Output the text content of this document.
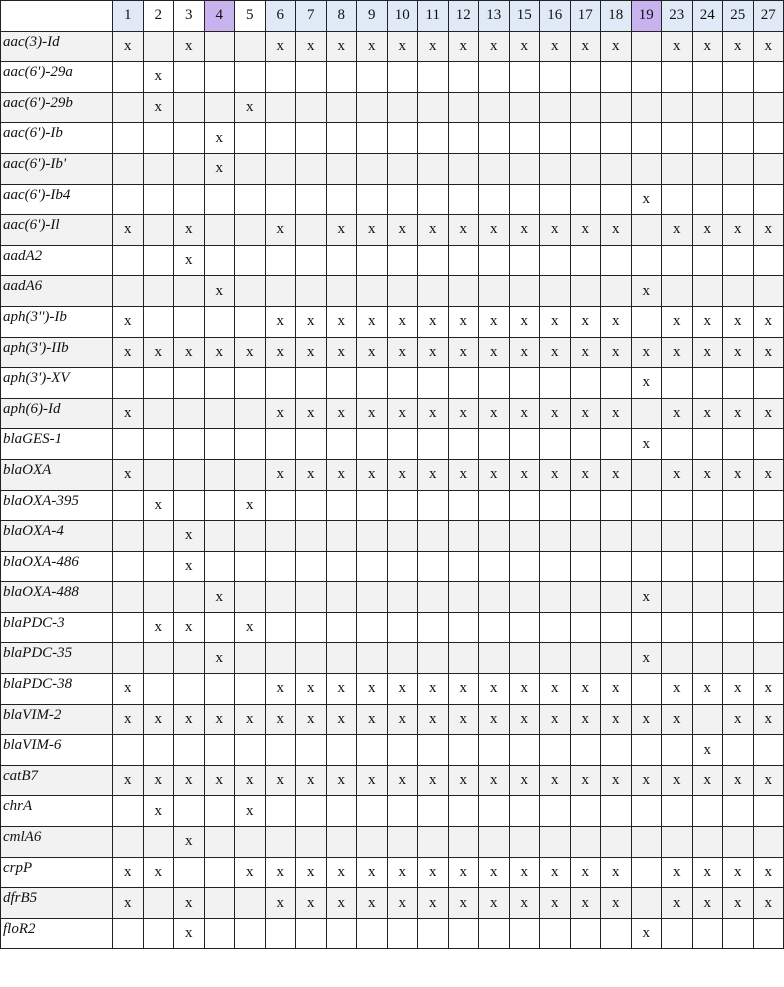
	1	2	3	4	5	6	7	8	9	10	11	12	13	15	16	17	18	19	23	24	25	27
aac(3)-Id	x		x			x	x	x	x	x	x	x	x	x	x	x	x		x	x	x	x
aac(6')-29a		x																				
aac(6')-29b		x			x																	
aac(6')-Ib				x																		
aac(6')-Ib'				x																		
aac(6')-Ib4																		x				
aac(6')-Il	x		x			x		x	x	x	x	x	x	x	x	x	x		x	x	x	x
aadA2			x																			
aadA6				x														x				
aph(3'')-Ib	x					x	x	x	x	x	x	x	x	x	x	x	x		x	x	x	x
aph(3')-IIb	x	x	x	x	x	x	x	x	x	x	x	x	x	x	x	x	x	x	x	x	x	x
aph(3')-XV																		x				
aph(6)-Id	x					x	x	x	x	x	x	x	x	x	x	x	x		x	x	x	x
blaGES-1																		x				
blaOXA	x					x	x	x	x	x	x	x	x	x	x	x	x		x	x	x	x
blaOXA-395		x			x																	
blaOXA-4			x																			
blaOXA-486			x																			
blaOXA-488				x														x				
blaPDC-3		x	x		x																	
blaPDC-35				x														x				
blaPDC-38	x					x	x	x	x	x	x	x	x	x	x	x	x		x	x	x	x
blaVIM-2	x	x	x	x	x	x	x	x	x	x	x	x	x	x	x	x	x	x	x		x	x
blaVIM-6																				x		
catB7	x	x	x	x	x	x	x	x	x	x	x	x	x	x	x	x	x	x	x	x	x	x
chrA		x			x																	
cmlA6			x																			
crpP	x	x			x	x	x	x	x	x	x	x	x	x	x	x	x		x	x	x	x
dfrB5	x		x			x	x	x	x	x	x	x	x	x	x	x	x		x	x	x	x
floR2			x															x				
